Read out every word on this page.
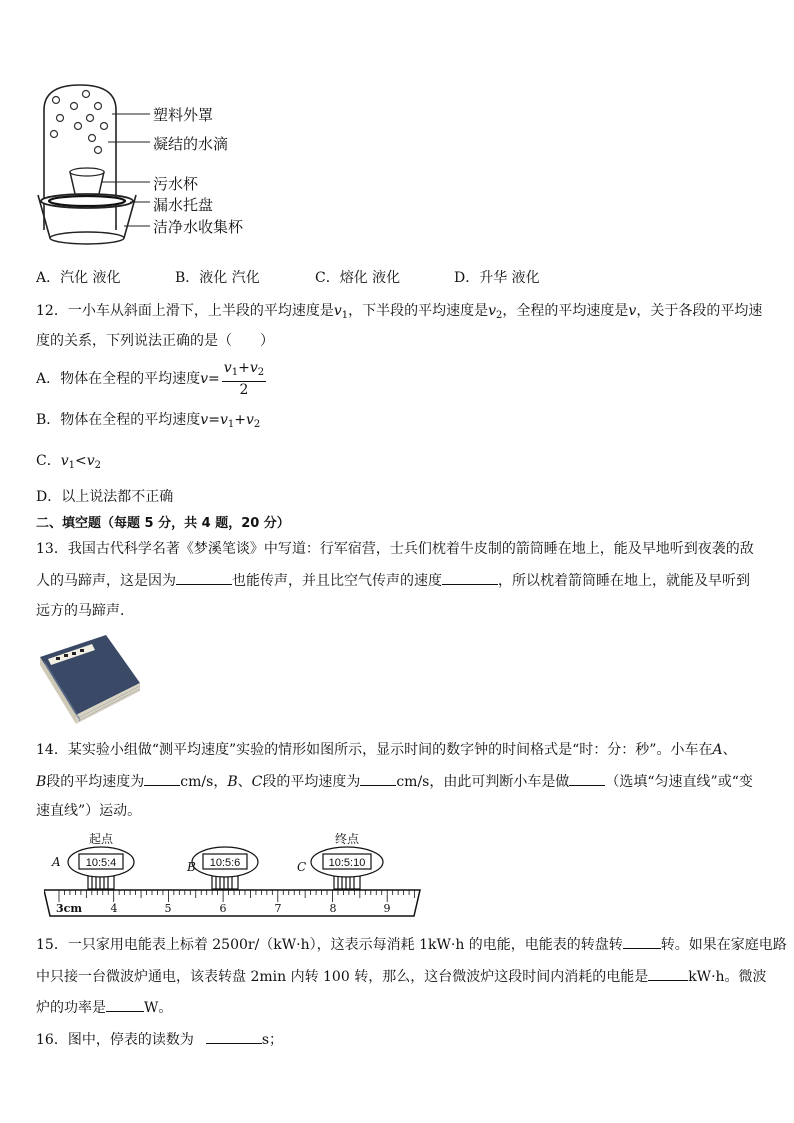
塑料外罩
凝结的水滴
污水杯
漏水托盘
洁净水收集杯
A．汽化 液化	B．液化 汽化	C．熔化 液化	D．升华 液化
12．一小车从斜面上滑下，上半段的平均速度是$v_1$，下半段的平均速度是$v_2$，全程的平均速度是v，关于各段的平均速
度的关系，下列说法正确的是（　　）
A．物体在全程的平均速度$v= \frac{v_1+v_2}{2}$
B．物体在全程的平均速度$v=v_1+v_2$
C．$v_1<v_2$
D．以上说法都不正确
二、填空题（每题 5 分，共 4 题，20 分）
13．我国古代科学名著《梦溪笔谈》中写道：行军宿营，士兵们枕着牛皮制的箭筒睡在地上，能及早地听到夜袭的敌
人的马蹄声，这是因为	也能传声，并且比空气传声的速度	，所以枕着箭筒睡在地上，就能及早听到
远方的马蹄声．
14．某实验小组做“测平均速度”实验的情形如图所示，显示时间的数字钟的时间格式是“时：分：秒”。小车在A、
B段的平均速度为	cm/s，B、C段的平均速度为	cm/s，由此可判断小车是做	（选填“匀速直线”或“变
速直线”）运动。
10:5:4	10:5:6	10:5:10
起点	终点
A	B	C
3cm	4	5	6	7	8	9
15．一只家用电能表上标着 2500r/（kW·h），这表示每消耗 1kW·h 的电能，电能表的转盘转	转。如果在家庭电路
中只接一台微波炉通电，该表转盘 2min 内转 100 转，那么，这台微波炉这段时间内消耗的电能是	kW·h。微波
炉的功率是	W。
16．图中，停表的读数为	s；
